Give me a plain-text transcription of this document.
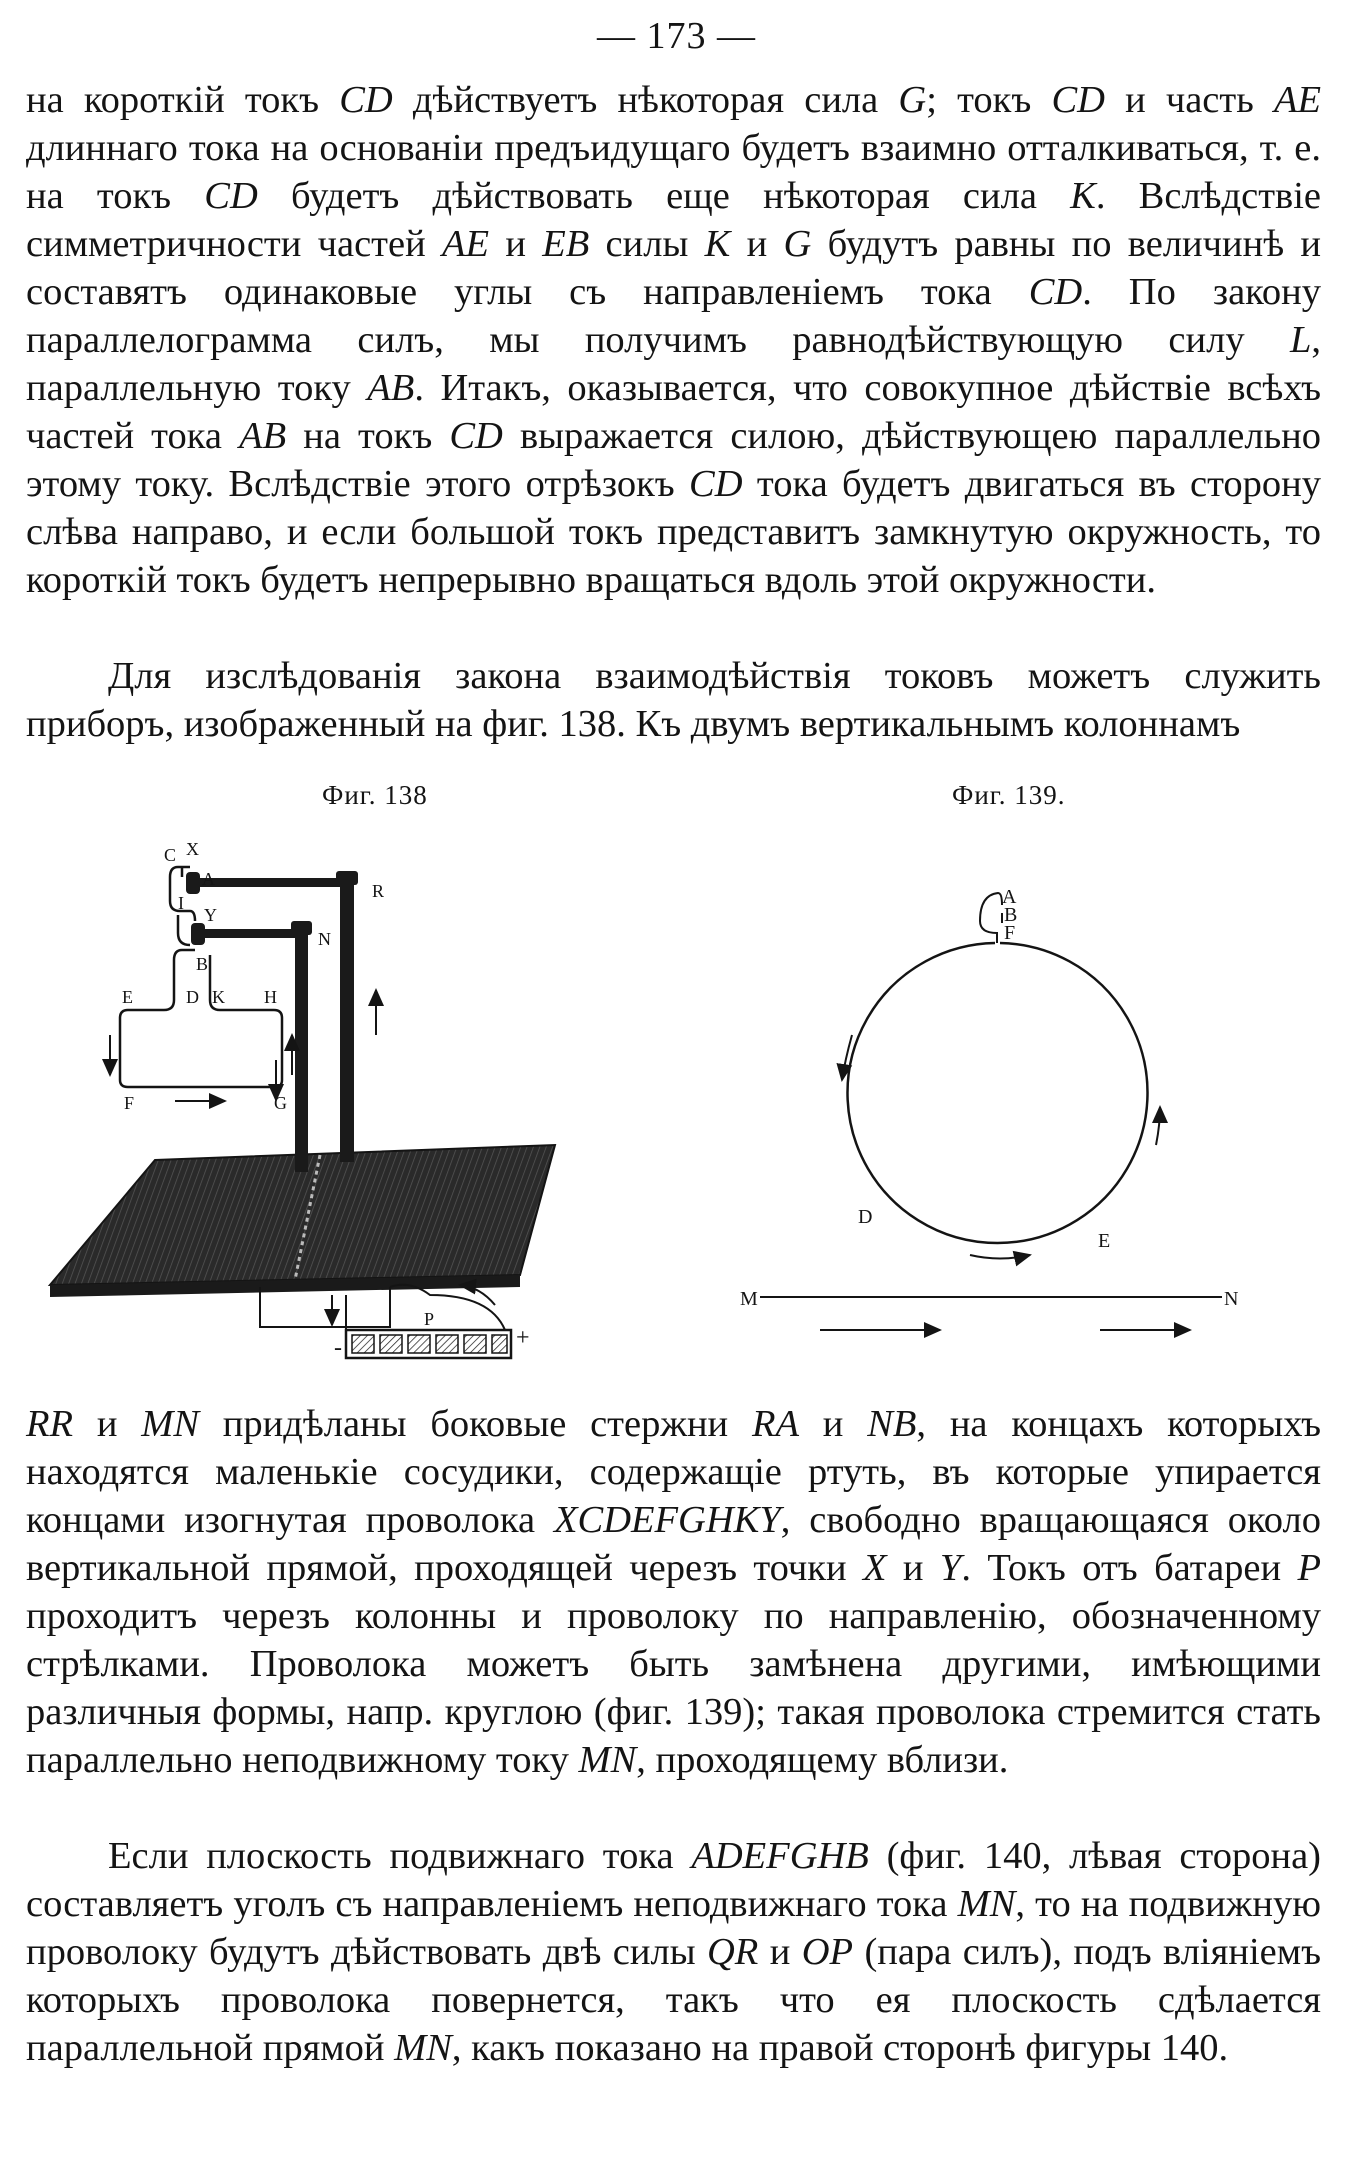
— 173 —

на короткій токъ CD дѣйствуетъ нѣкоторая сила G; токъ CD и часть AE длиннаго тока на основаніи предъидущаго будетъ взаимно отталкиваться, т. е. на токъ CD будетъ дѣйствовать еще нѣкоторая сила K. Вслѣдствіе симметричности частей AE и EB силы K и G будутъ равны по величинѣ и составятъ одинаковые углы съ направленіемъ тока CD. По закону параллелограмма силъ, мы получимъ равнодѣйствующую силу L, параллельную току AB. Итакъ, оказывается, что совокупное дѣйствіе всѣхъ частей тока AB на токъ CD выражается силою, дѣйствующею параллельно этому току. Вслѣдствіе этого отрѣзокъ CD тока будетъ двигаться въ сторону слѣва направо, и если большой токъ представитъ замкнутую окружность, то короткій токъ будетъ непрерывно вращаться вдоль этой окружности.

Для изслѣдованія закона взаимодѣйствія токовъ можетъ служить приборъ, изображенный на фиг. 138. Къ двумъ вертикальнымъ колоннамъ

Фиг. 138	Фиг. 139.
C X
A
R
I
Y
N
B
E	D K H
F	G
P
-	+
A
B
F
D
E
M	N

RR и MN придѣланы боковые стержни RA и NB, на концахъ которыхъ находятся маленькіе сосудики, содержащіе ртуть, въ которые упирается концами изогнутая проволока XCDEFGHKY, свободно вращающаяся около вертикальной прямой, проходящей черезъ точки X и Y. Токъ отъ батареи P проходитъ черезъ колонны и проволоку по направленію, обозначенному стрѣлками. Проволока можетъ быть замѣнена другими, имѣющими различныя формы, напр. круглою (фиг. 139); такая проволока стремится стать параллельно неподвижному току MN, проходящему вблизи.

Если плоскость подвижнаго тока ADEFGHB (фиг. 140, лѣвая сторона) составляетъ уголъ съ направленіемъ неподвижнаго тока MN, то на подвижную проволоку будутъ дѣйствовать двѣ силы QR и OP (пара силъ), подъ вліяніемъ которыхъ проволока повернется, такъ что ея плоскость сдѣлается параллельной прямой MN, какъ показано на правой сторонѣ фигуры 140.
